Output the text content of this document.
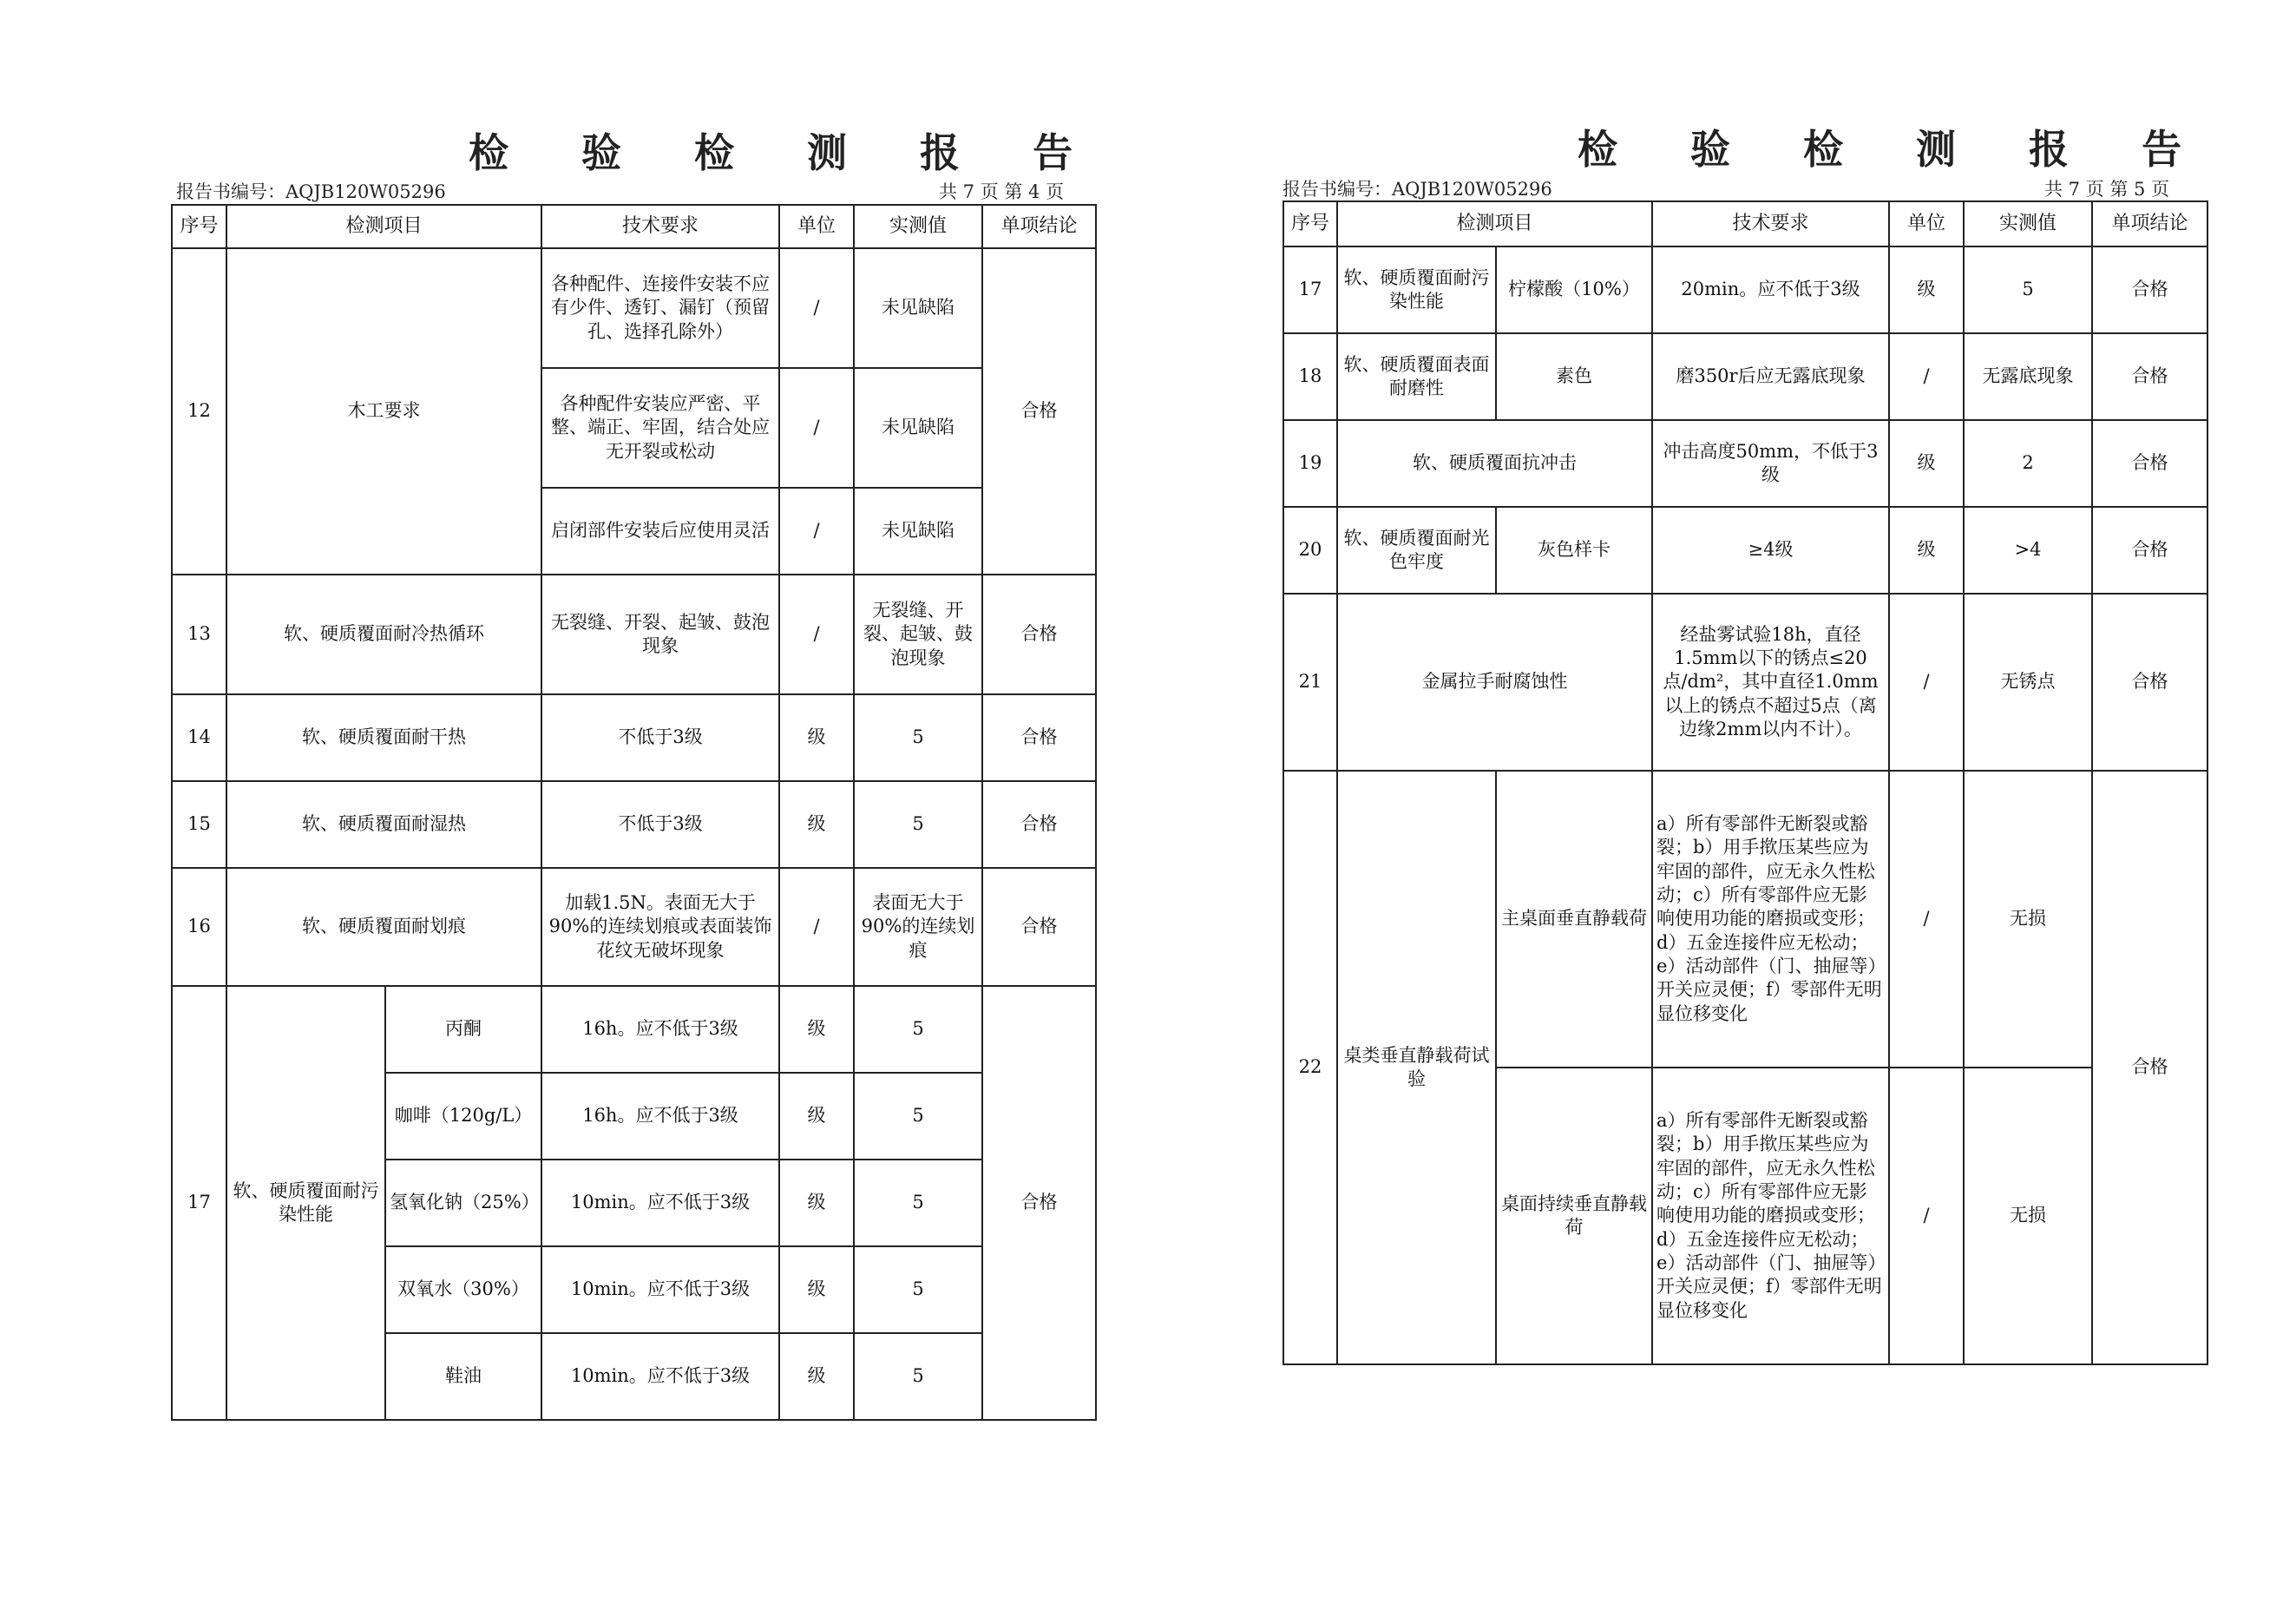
检 验 检 测 报 告
报告书编号：AQJB120W05296	共 7 页 第 4 页
序号	检测项目		技术要求	单位	实测值	单项结论
12	木工要求		各种配件、连接件安装不应有少件、透钉、漏钉（预留孔、选择孔除外）	/	未见缺陷	合格
			各种配件安装应严密、平整、端正、牢固，结合处应无开裂或松动	/	未见缺陷	
			启闭部件安装后应使用灵活	/	未见缺陷	
13	软、硬质覆面耐冷热循环		无裂缝、开裂、起皱、鼓泡现象	/	无裂缝、开裂、起皱、鼓泡现象	合格
14	软、硬质覆面耐干热		不低于3级	级	5	合格
15	软、硬质覆面耐湿热		不低于3级	级	5	合格
16	软、硬质覆面耐划痕		加载1.5N。表面无大于90%的连续划痕或表面装饰花纹无破坏现象	/	表面无大于90%的连续划痕	合格
17	软、硬质覆面耐污染性能	丙酮	16h。应不低于3级	级	5	合格
		咖啡（120g/L）	16h。应不低于3级	级	5	
		氢氧化钠（25%）	10min。应不低于3级	级	5	
		双氧水（30%）	10min。应不低于3级	级	5	
		鞋油	10min。应不低于3级	级	5	
检 验 检 测 报 告
报告书编号：AQJB120W05296	共 7 页 第 5 页
序号	检测项目		技术要求	单位	实测值	单项结论
17	软、硬质覆面耐污染性能	柠檬酸（10%）	20min。应不低于3级	级	5	合格
18	软、硬质覆面表面耐磨性	素色	磨350r后应无露底现象	/	无露底现象	合格
19	软、硬质覆面抗冲击		冲击高度50mm，不低于3级	级	2	合格
20	软、硬质覆面耐光色牢度	灰色样卡	≥4级	级	>4	合格
21	金属拉手耐腐蚀性		经盐雾试验18h，直径1.5mm以下的锈点≤20点/dm²，其中直径1.0mm以上的锈点不超过5点（离边缘2mm以内不计）。	/	无锈点	合格
22	桌类垂直静载荷试验	主桌面垂直静载荷	a）所有零部件无断裂或豁裂；b）用手揿压某些应为牢固的部件，应无永久性松动；c）所有零部件应无影响使用功能的磨损或变形；d）五金连接件应无松动；e）活动部件（门、抽屉等）开关应灵便；f）零部件无明显位移变化	/	无损	合格
		桌面持续垂直静载荷	a）所有零部件无断裂或豁裂；b）用手揿压某些应为牢固的部件，应无永久性松动；c）所有零部件应无影响使用功能的磨损或变形；d）五金连接件应无松动；e）活动部件（门、抽屉等）开关应灵便；f）零部件无明显位移变化	/	无损	
